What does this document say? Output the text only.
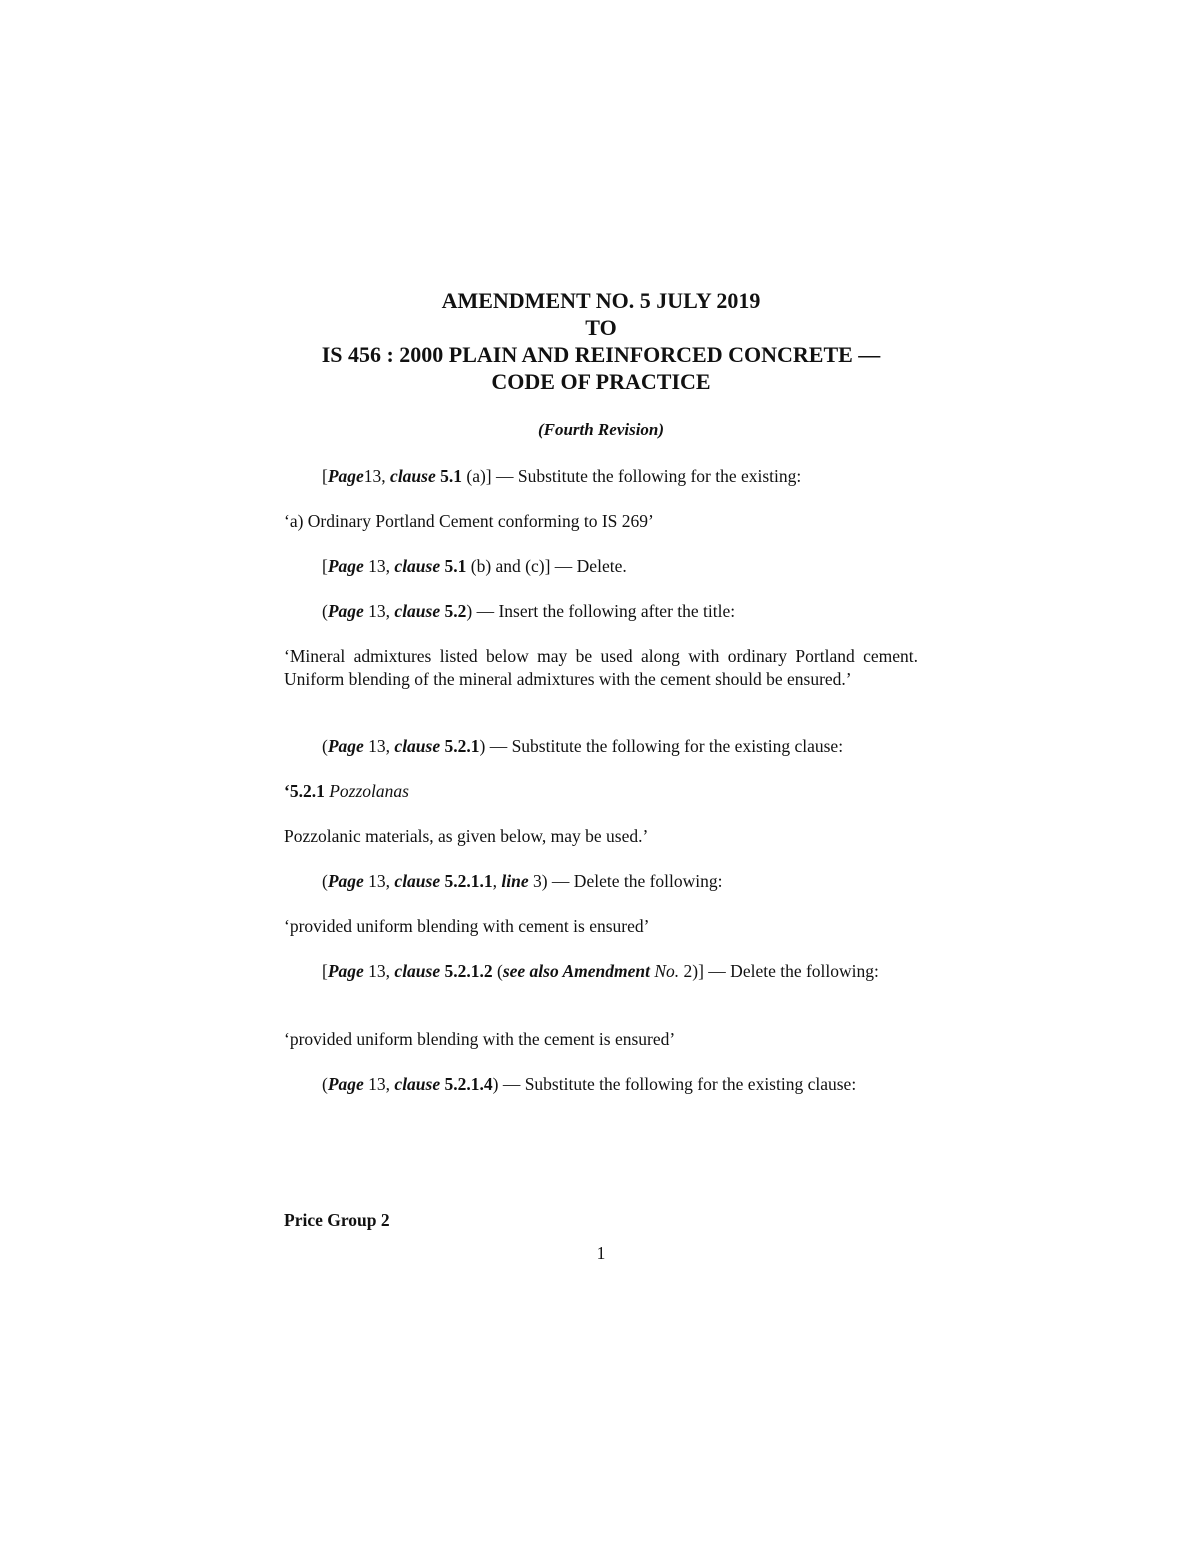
AMENDMENT NO. 5 JULY 2019

TO

IS 456 : 2000 PLAIN AND REINFORCED CONCRETE —

CODE OF PRACTICE

(Fourth Revision)

[Page13, clause 5.1 (a)] — Substitute the following for the existing:

‘a) Ordinary Portland Cement conforming to IS 269’

[Page 13, clause 5.1 (b) and (c)] — Delete.

(Page 13, clause 5.2) — Insert the following after the title:

‘Mineral admixtures listed below may be used along with ordinary Portland cement. Uniform blending of the mineral admixtures with the cement should be ensured.’

(Page 13, clause 5.2.1) — Substitute the following for the existing clause:

‘5.2.1 Pozzolanas

Pozzolanic materials, as given below, may be used.’

(Page 13, clause 5.2.1.1, line 3) — Delete the following:

‘provided uniform blending with cement is ensured’

[Page 13, clause 5.2.1.2 (see also Amendment No. 2)] — Delete the following:

‘provided uniform blending with the cement is ensured’

(Page 13, clause 5.2.1.4) — Substitute the following for the existing clause:

Price Group 2

1
